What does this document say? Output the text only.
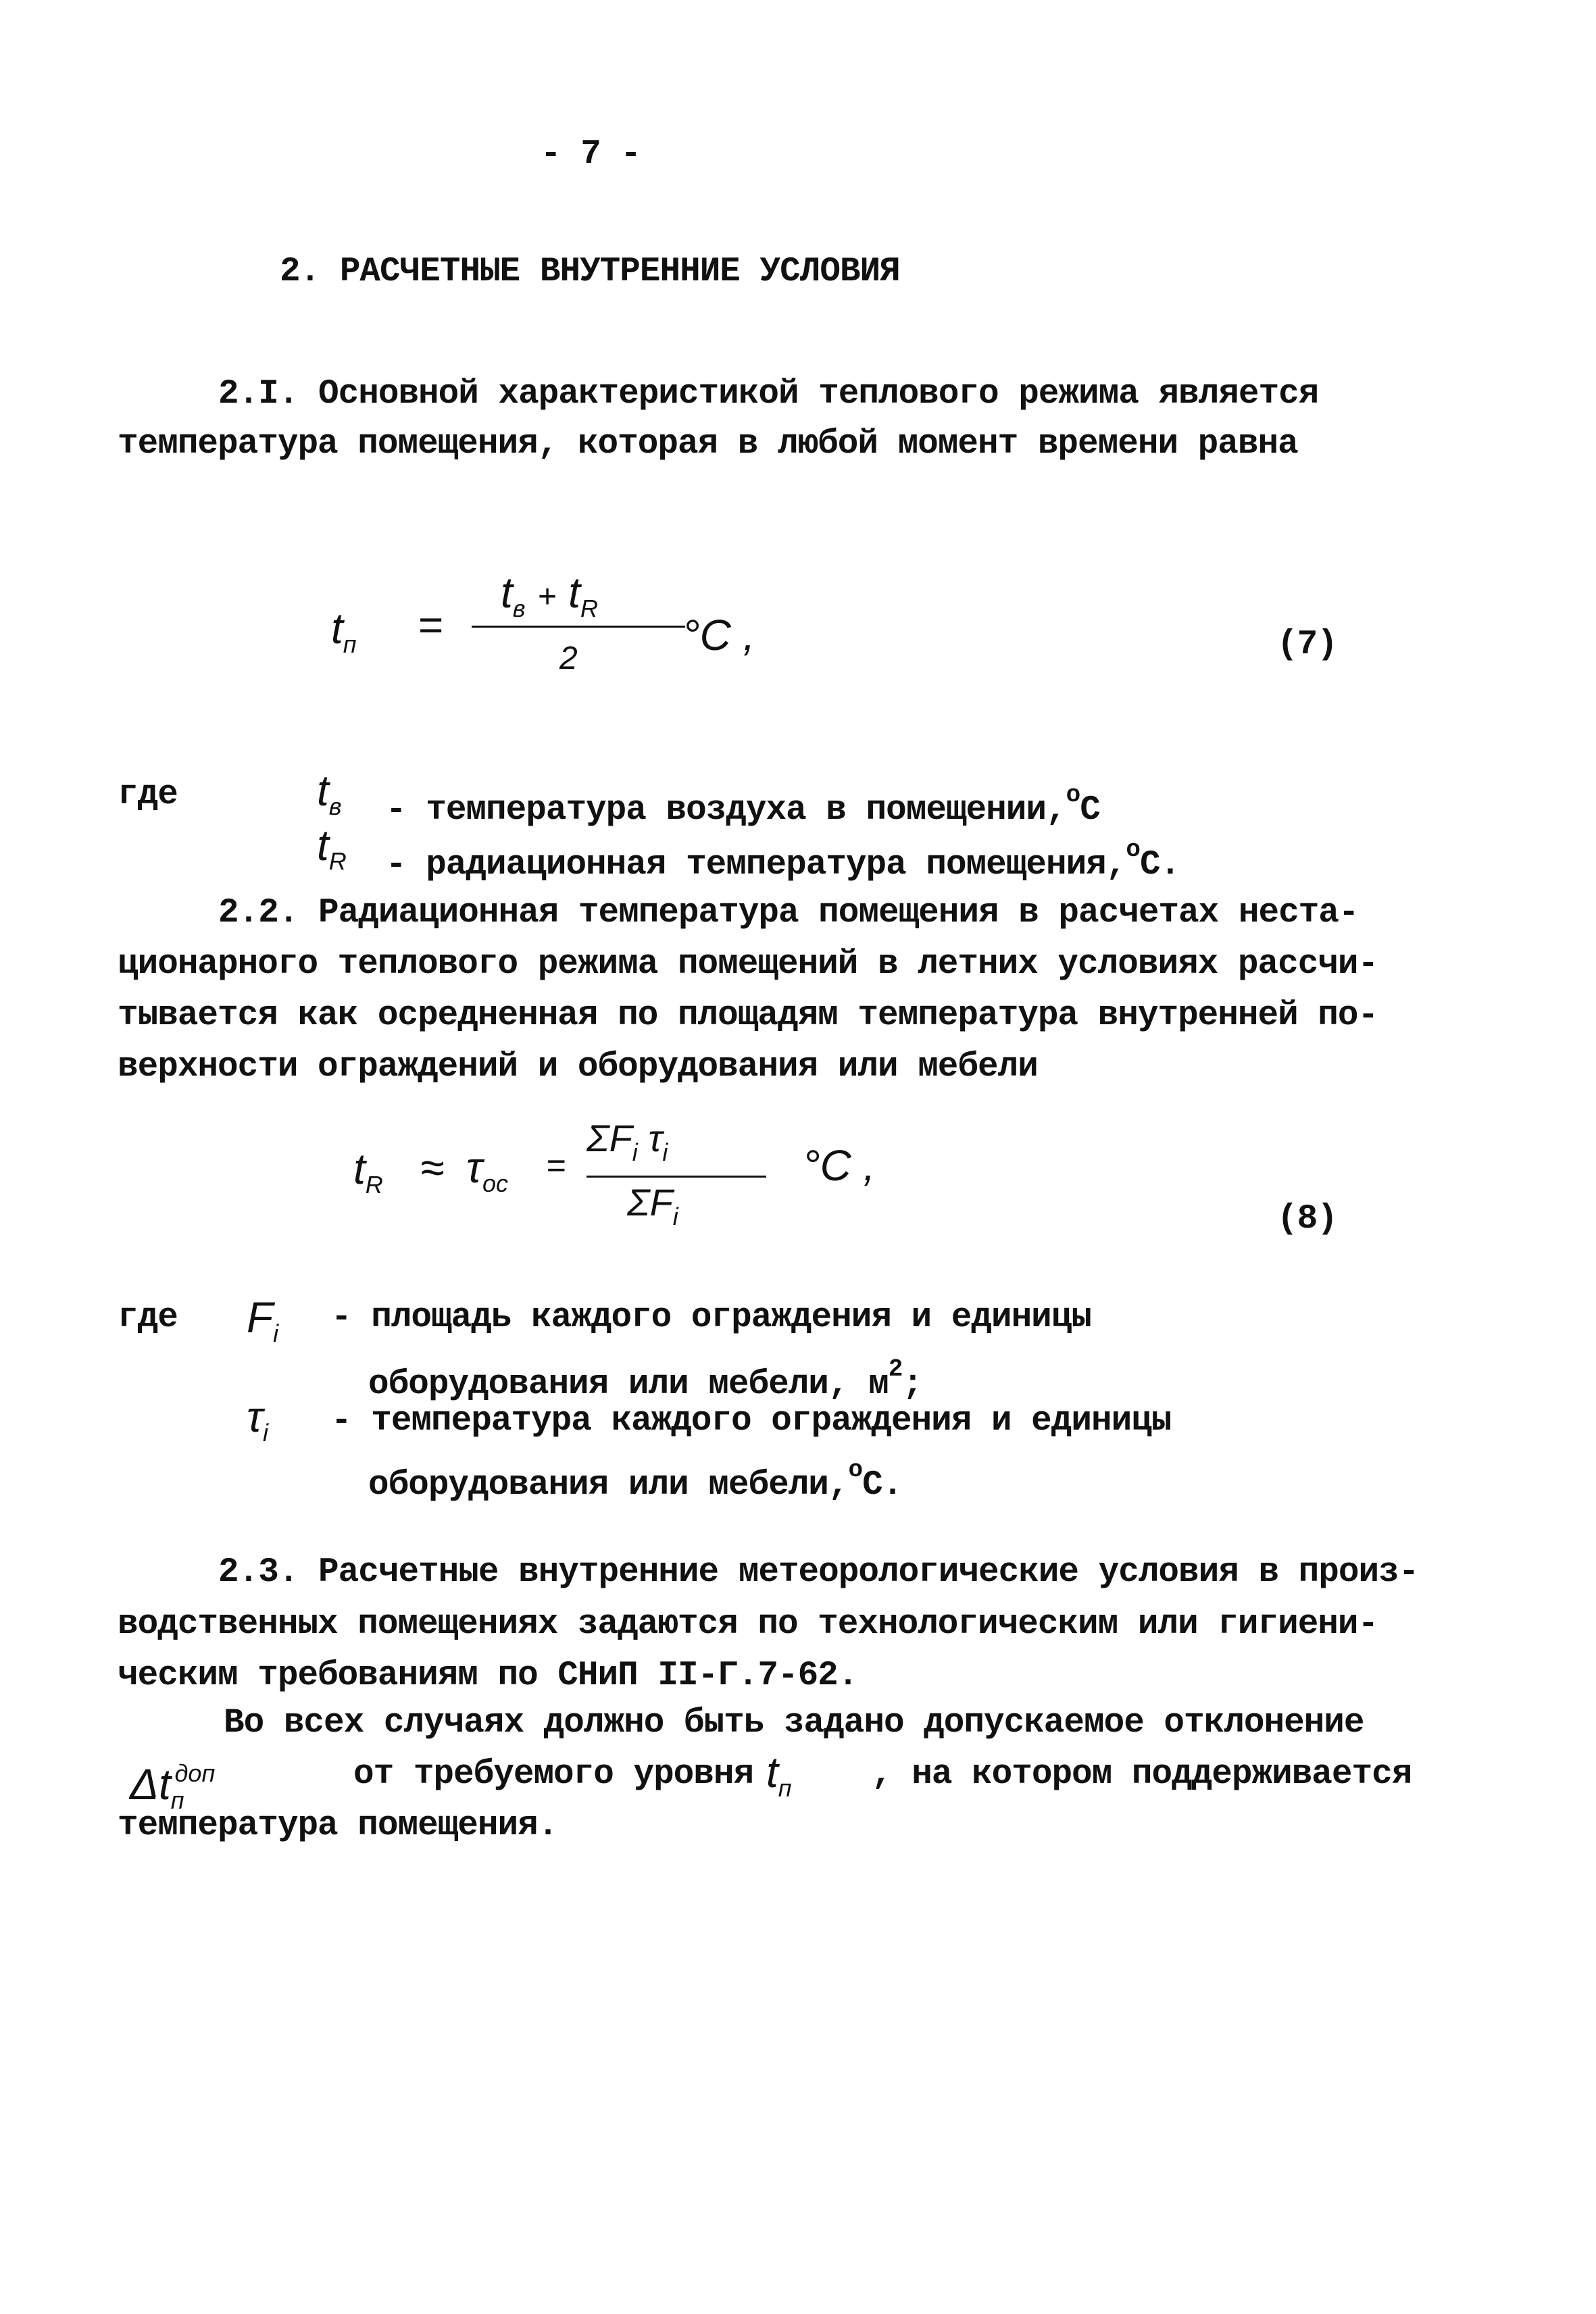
- 7 -
2. РАСЧЕТНЫЕ ВНУТРЕННИЕ УСЛОВИЯ
2.I. Основной характеристикой теплового режима является
температура помещения, которая в любой момент времени равна
$t_п$ =
$t_в + t_R$
2 °C ,	(7)
где	$t_в$ - температура воздуха в помещении,$^о$С
$t_R$ - радиационная температура помещения,$^о$С.
2.2. Радиационная температура помещения в расчетах неста-
ционарного теплового режима помещений в летних условиях рассчи-
тывается как осредненная по площадям температура внутренней по-
верхности ограждений и оборудования или мебели
$t_R \approx \tau_{ос}$ =
$\Sigma F_i$ $\tau_i$
$\Sigma F_i$
°C ,
(8)
где $F_i$ - площадь каждого ограждения и единицы
оборудования или мебели, $м^2$;
$\tau_i$ - температура каждого ограждения и единицы
оборудования или мебели,$^о$С.
2.3. Расчетные внутренние метеорологические условия в произ-
водственных помещениях задаются по технологическим или гигиени-
ческим требованиям по СНиП II-Г.7-62.
Во всех случаях должно быть задано допускаемое отклонение
$\Delta t_п^{доп}$	от требуемого уровня $t_п$ , на котором поддерживается
температура помещения.
